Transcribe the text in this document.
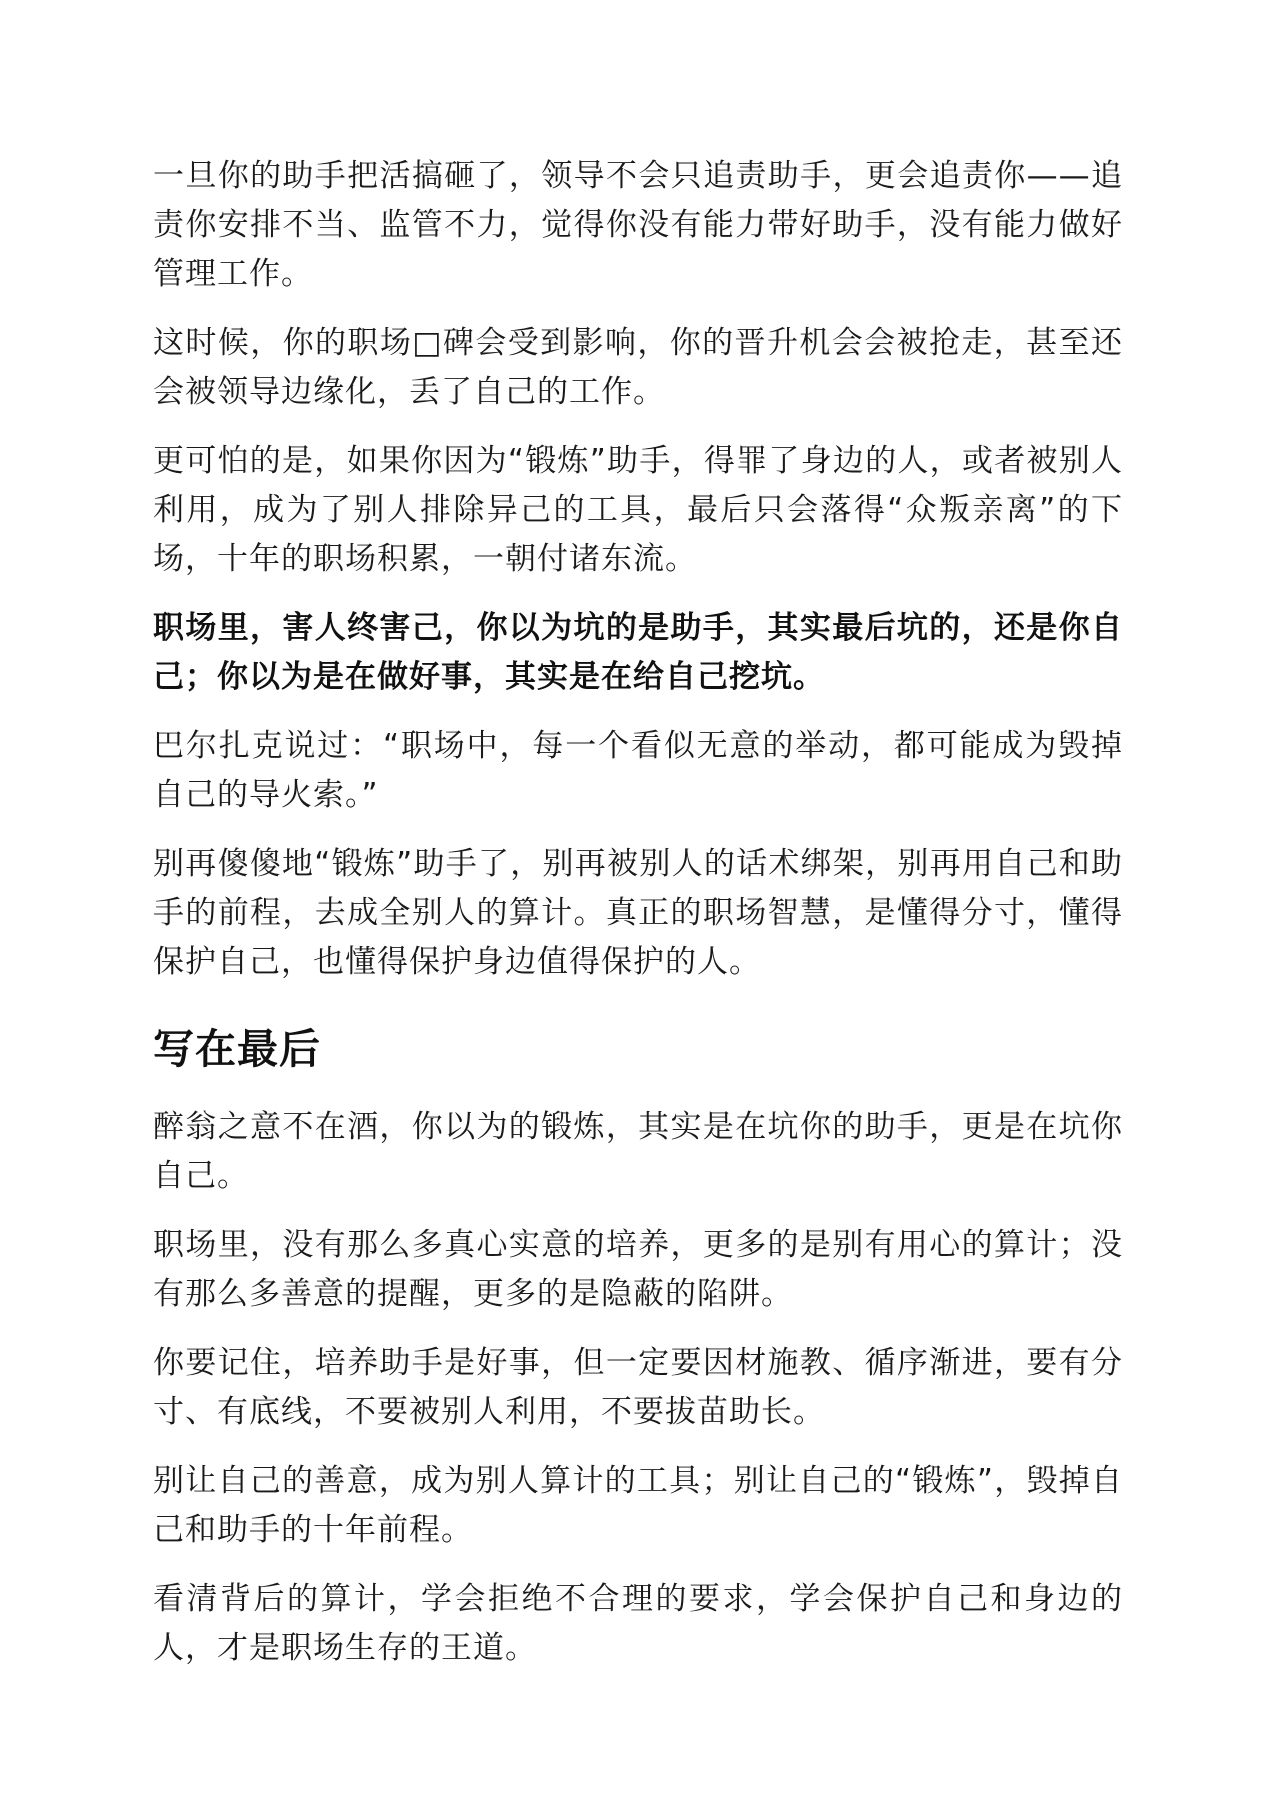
一旦你的助手把活搞砸了，领导不会只追责助手，更会追责你——追责你安排不当、监管不力，觉得你没有能力带好助手，没有能力做好管理工作。

这时候，你的职场□碑会受到影响，你的晋升机会会被抢走，甚至还会被领导边缘化，丢了自己的工作。

更可怕的是，如果你因为“锻炼”助手，得罪了身边的人，或者被别人利用，成为了别人排除异己的工具，最后只会落得“众叛亲离”的下场，十年的职场积累，一朝付诸东流。

职场里，害人终害己，你以为坑的是助手，其实最后坑的，还是你自己；你以为是在做好事，其实是在给自己挖坑。

巴尔扎克说过：“职场中，每一个看似无意的举动，都可能成为毁掉自己的导火索。”

别再傻傻地“锻炼”助手了，别再被别人的话术绑架，别再用自己和助手的前程，去成全别人的算计。真正的职场智慧，是懂得分寸，懂得保护自己，也懂得保护身边值得保护的人。

写在最后

醉翁之意不在酒，你以为的锻炼，其实是在坑你的助手，更是在坑你自己。

职场里，没有那么多真心实意的培养，更多的是别有用心的算计；没有那么多善意的提醒，更多的是隐蔽的陷阱。

你要记住，培养助手是好事，但一定要因材施教、循序渐进，要有分寸、有底线，不要被别人利用，不要拔苗助长。

别让自己的善意，成为别人算计的工具；别让自己的“锻炼”，毁掉自己和助手的十年前程。

看清背后的算计，学会拒绝不合理的要求，学会保护自己和身边的人，才是职场生存的王道。
